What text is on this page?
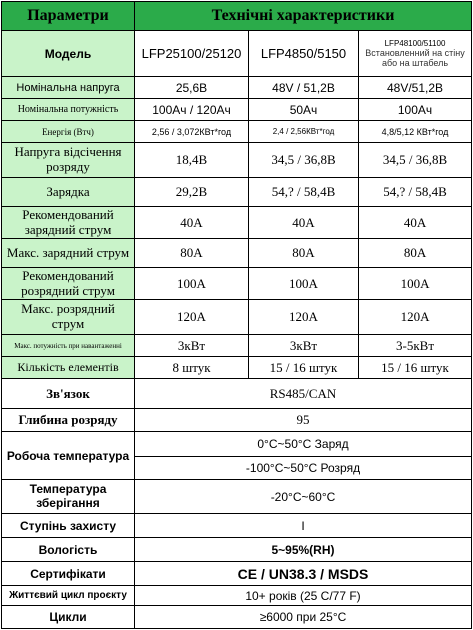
Параметри	Технічні характеристики		
Модель	LFP25100/25120	LFP4850/5150	LFP48100/51100
Встановленний на стіну або на штабель

Номінальна напруга	25,6В	48V / 51,2В	48V/51,2В
Номінальна потужність	100Ач / 120Ач	50Ач	100Ач
Енергія (Втч)	2,56 / 3,072КВт*год	2,4 / 2,56КВт*год	4,8/5,12 КВт*год
Напруга відсічення розряду	18,4В	34,5 / 36,8В	34,5 / 36,8В
Зарядка	29,2В	54,? / 58,4В	54,? / 58,4В
Рекомендований зарядний струм	40A	40A	40A
Макс. зарядний струм	80A	80A	80A
Рекомендований розрядний струм	100A	100A	100A
Макс. розрядний струм	120A	120A	120A
Макс. потужність при навантаженні	3кВт	3кВт	3-5кВт
Кількість елементів	8 штук	15 / 16 штук	15 / 16 штук
Зв'язок	RS485/CAN		
Глибина розряду	95		
Робоча температура	0°C~50°C Заряд		
	-100°C~50°C Розряд		
Температура зберігання	-20°C~60°C		
Ступінь захисту	I		
Вологість	5~95%(RH)		
Сертифікати	CE / UN38.3 / MSDS		
Життєвий цикл проєкту	10+ років (25 C/77 F)		
Цикли	≥6000 при 25°C		
